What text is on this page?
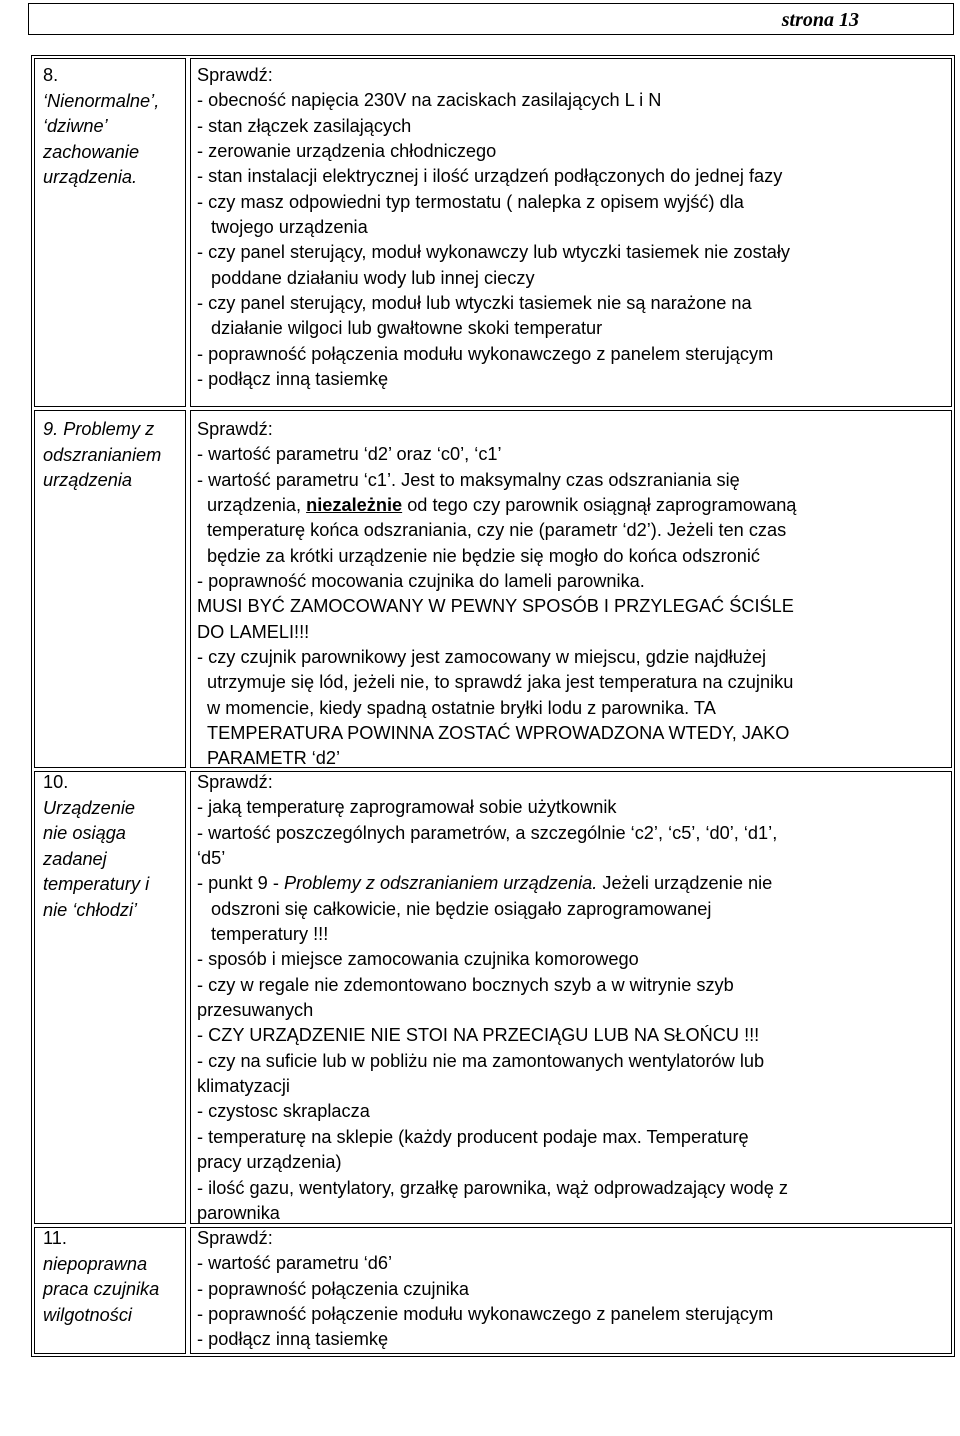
strona 13
8.
‘Nienormalne’,
‘dziwne’
zachowanie
urządzenia.
Sprawdź:
- obecność napięcia 230V na zaciskach zasilających L i N
- stan złączek zasilających
- zerowanie urządzenia chłodniczego
- stan instalacji elektrycznej i ilość urządzeń podłączonych do jednej fazy
- czy masz odpowiedni typ termostatu ( nalepka z opisem wyjść) dla
twojego urządzenia
- czy panel sterujący, moduł wykonawczy lub wtyczki tasiemek nie zostały
poddane działaniu wody lub innej cieczy
- czy panel sterujący, moduł lub wtyczki tasiemek nie są narażone na
działanie wilgoci lub gwałtowne skoki temperatur
- poprawność połączenia modułu wykonawczego z panelem sterującym
- podłącz inną tasiemkę
9. Problemy z
odszranianiem
urządzenia
Sprawdź:
- wartość parametru ‘d2’ oraz ‘c0’, ‘c1’
- wartość parametru ‘c1’. Jest to maksymalny czas odszraniania się
urządzenia, niezależnie od tego czy parownik osiągnął zaprogramowaną
temperaturę końca odszraniania, czy nie (parametr ‘d2’). Jeżeli ten czas
będzie za krótki urządzenie nie będzie się mogło do końca odszronić
- poprawność mocowania czujnika do lameli parownika.
MUSI BYĆ ZAMOCOWANY W PEWNY SPOSÓB I PRZYLEGAĆ ŚCIŚLE
DO LAMELI!!!
- czy czujnik parownikowy jest zamocowany w miejscu, gdzie najdłużej
utrzymuje się lód, jeżeli nie, to sprawdź jaka jest temperatura na czujniku
w momencie, kiedy spadną ostatnie bryłki lodu z parownika. TA
TEMPERATURA POWINNA ZOSTAĆ WPROWADZONA WTEDY, JAKO
PARAMETR ‘d2’
10.
Urządzenie
nie osiąga
zadanej
temperatury i
nie ‘chłodzi’
Sprawdź:
- jaką temperaturę zaprogramował sobie użytkownik
- wartość poszczególnych parametrów, a szczególnie ‘c2’, ‘c5’, ‘d0’, ‘d1’,
‘d5’
- punkt 9 - Problemy z odszranianiem urządzenia. Jeżeli urządzenie nie
odszroni się całkowicie, nie będzie osiągało zaprogramowanej
temperatury !!!
- sposób i miejsce zamocowania czujnika komorowego
- czy w regale nie zdemontowano bocznych szyb a w witrynie szyb
przesuwanych
- CZY URZĄDZENIE NIE STOI NA PRZECIĄGU LUB NA SŁOŃCU !!!
- czy na suficie lub w pobliżu nie ma zamontowanych wentylatorów lub
klimatyzacji
- czystosc skraplacza
- temperaturę na sklepie (każdy producent podaje max. Temperaturę
pracy urządzenia)
- ilość gazu, wentylatory, grzałkę parownika, wąż odprowadzający wodę z
parownika
11.
niepoprawna
praca czujnika
wilgotności
Sprawdź:
- wartość parametru ‘d6’
- poprawność połączenia czujnika
- poprawność połączenie modułu wykonawczego z panelem sterującym
- podłącz inną tasiemkę
